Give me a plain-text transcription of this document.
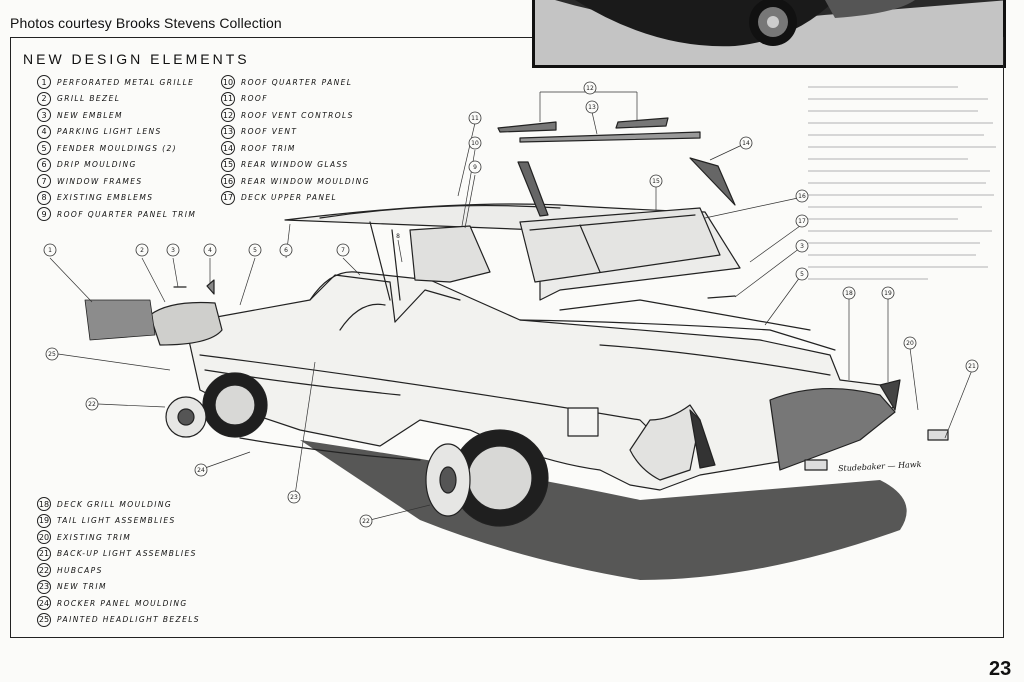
Photos courtesy Brooks Stevens Collection
NEW DESIGN ELEMENTS
1	PERFORATED METAL GRILLE
2	GRILL BEZEL
3	NEW EMBLEM
4	PARKING LIGHT LENS
5	FENDER MOULDINGS (2)
6	DRIP MOULDING
7	WINDOW FRAMES
8	EXISTING EMBLEMS
9	ROOF QUARTER PANEL TRIM
10 ROOF QUARTER PANEL
11 ROOF
12 ROOF VENT CONTROLS
13 ROOF VENT
14 ROOF TRIM
15 REAR WINDOW GLASS
16 REAR WINDOW MOULDING
17 DECK UPPER PANEL
18 DECK GRILL MOULDING
19 TAIL LIGHT ASSEMBLIES
20 EXISTING TRIM
21 BACK-UP LIGHT ASSEMBLIES
22 HUBCAPS
23 NEW TRIM
24 ROCKER PANEL MOULDING
25 PAINTED HEADLIGHT BEZELS
1	2	3	4	5	6	7
9
10
11
12
13
14
15
16
17
3
5
18	19
20
21
25
22
24
23
22
8
Studebaker — Hawk
23
